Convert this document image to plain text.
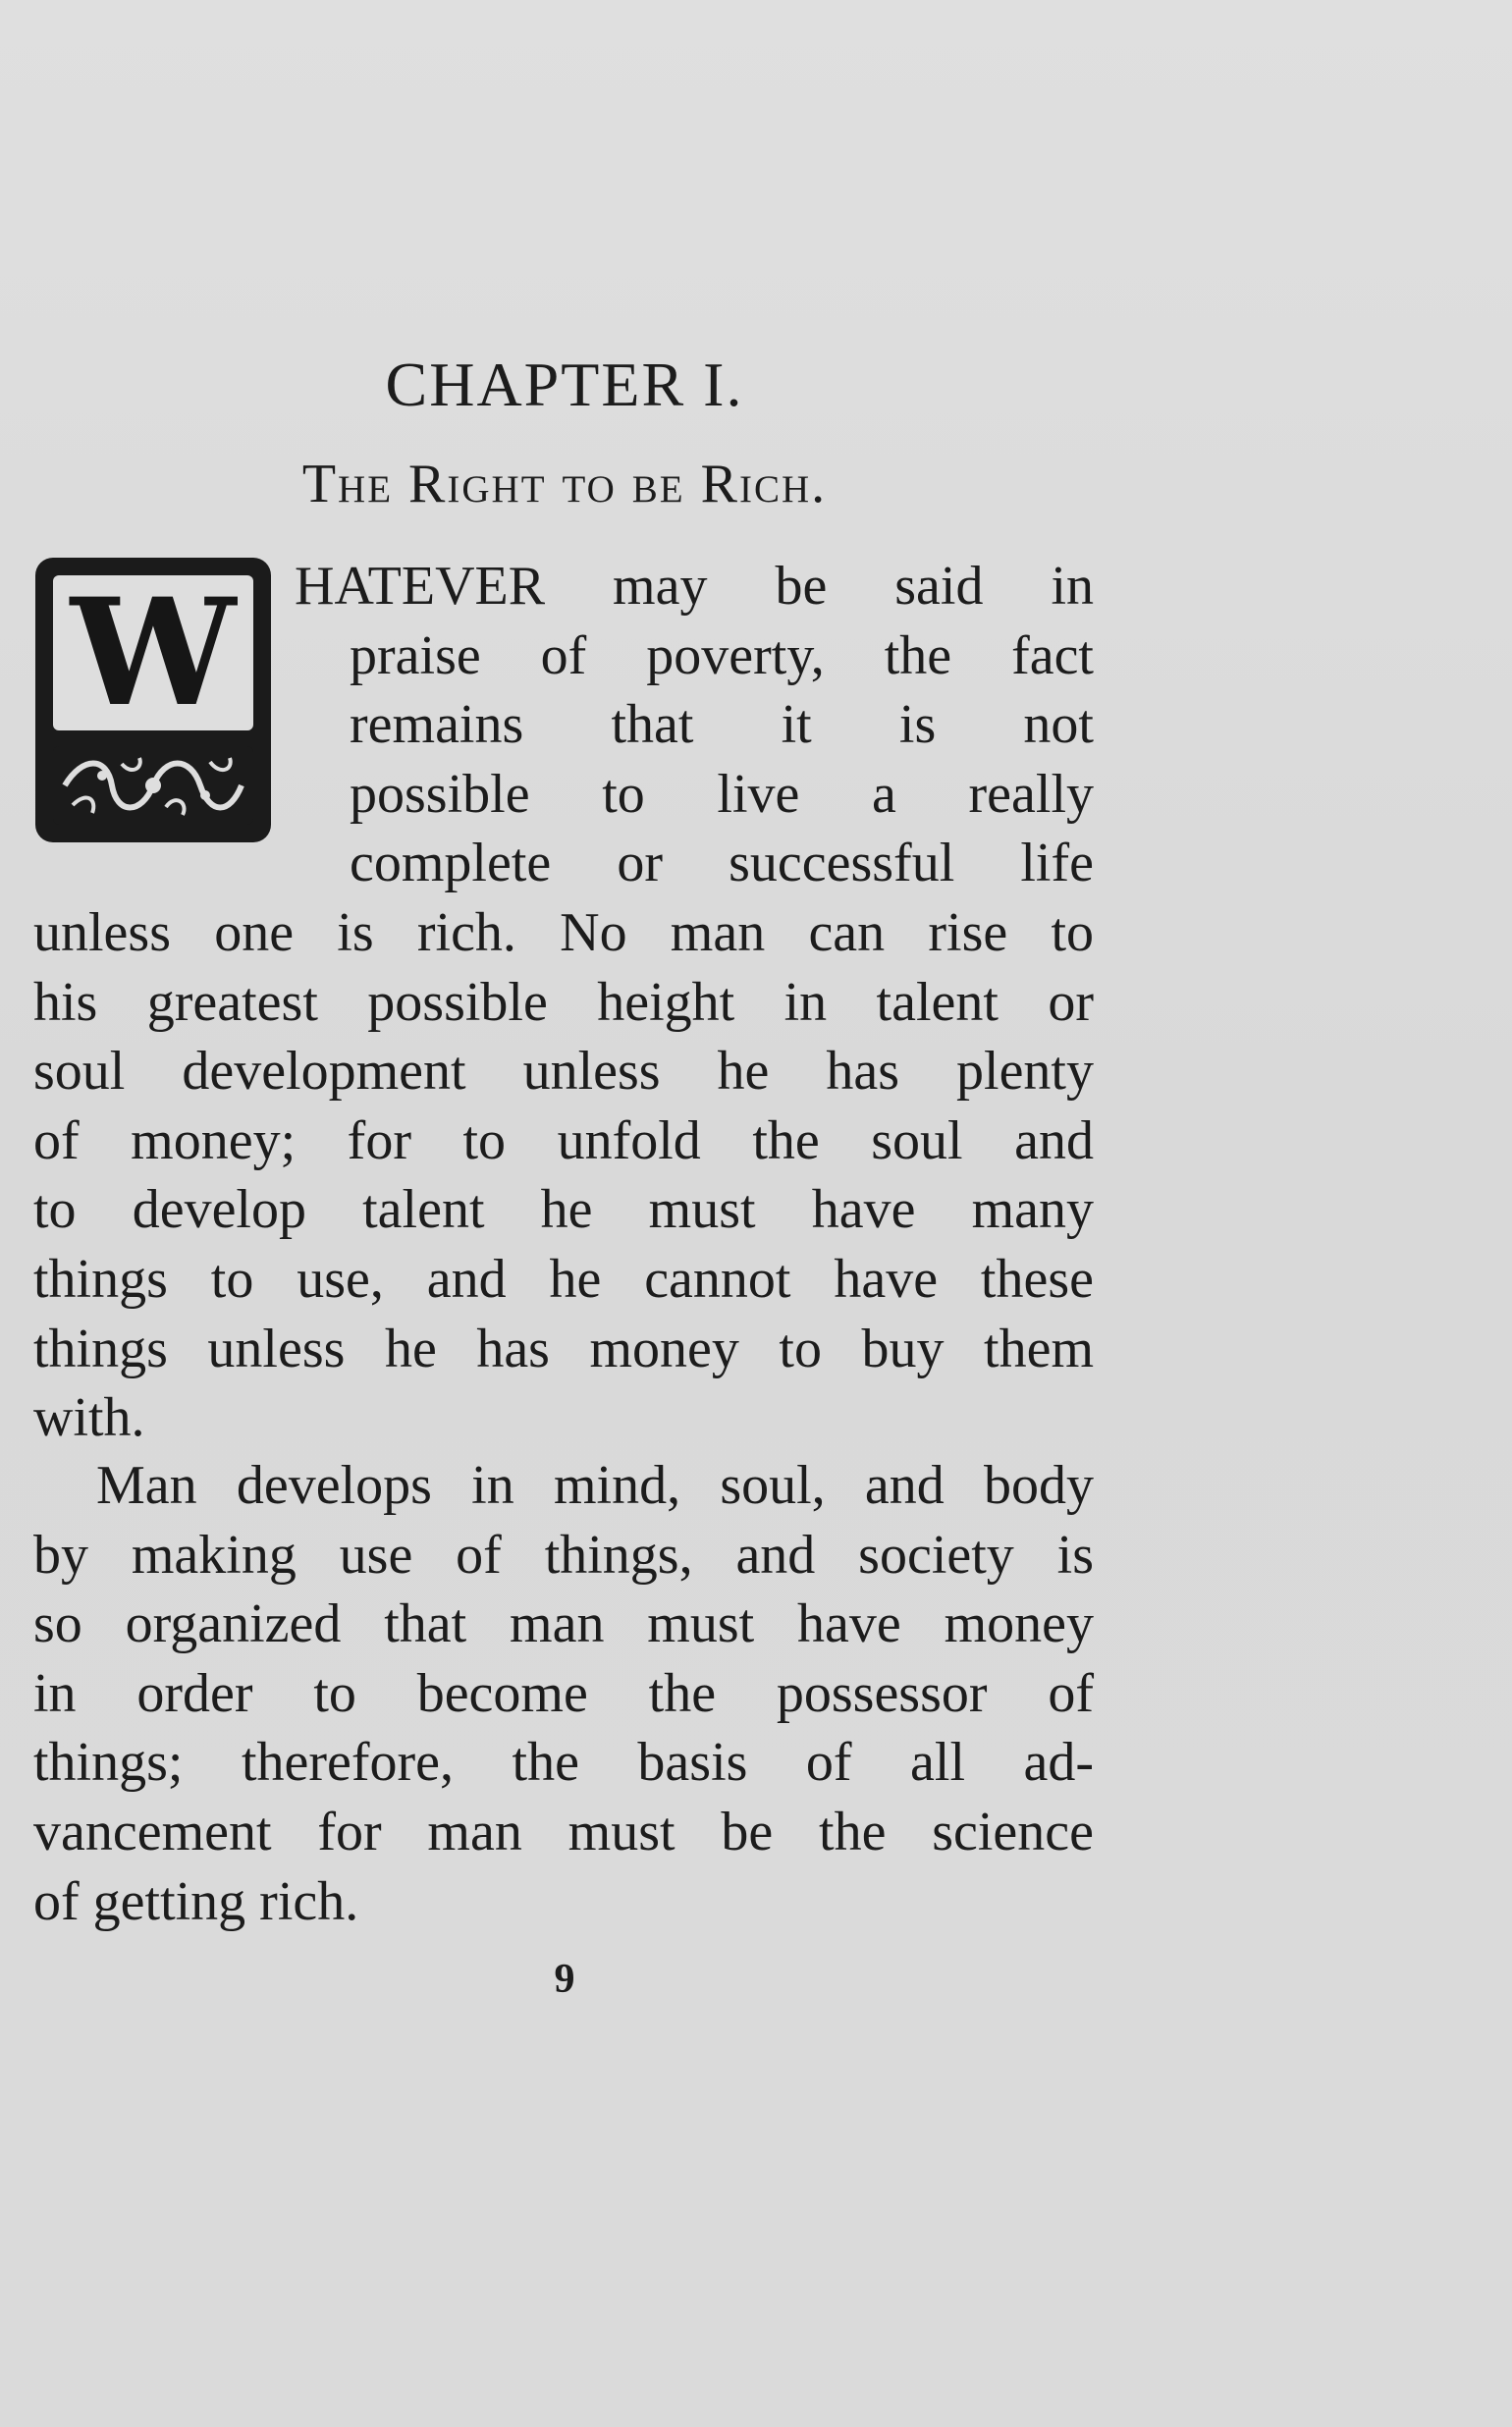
CHAPTER I.
The Right to be Rich.
W	HATEVER may be said in
praise of poverty, the fact
remains that it is not
possible to live a really
complete or successful life
unless one is rich. No man can rise to
his greatest possible height in talent or
soul development unless he has plenty
of money; for to unfold the soul and
to develop talent he must have many
things to use, and he cannot have these
things unless he has money to buy them
with.
Man develops in mind, soul, and body
by making use of things, and society is
so organized that man must have money
in order to become the possessor of
things; therefore, the basis of all ad-
vancement for man must be the science
of getting rich.
9
